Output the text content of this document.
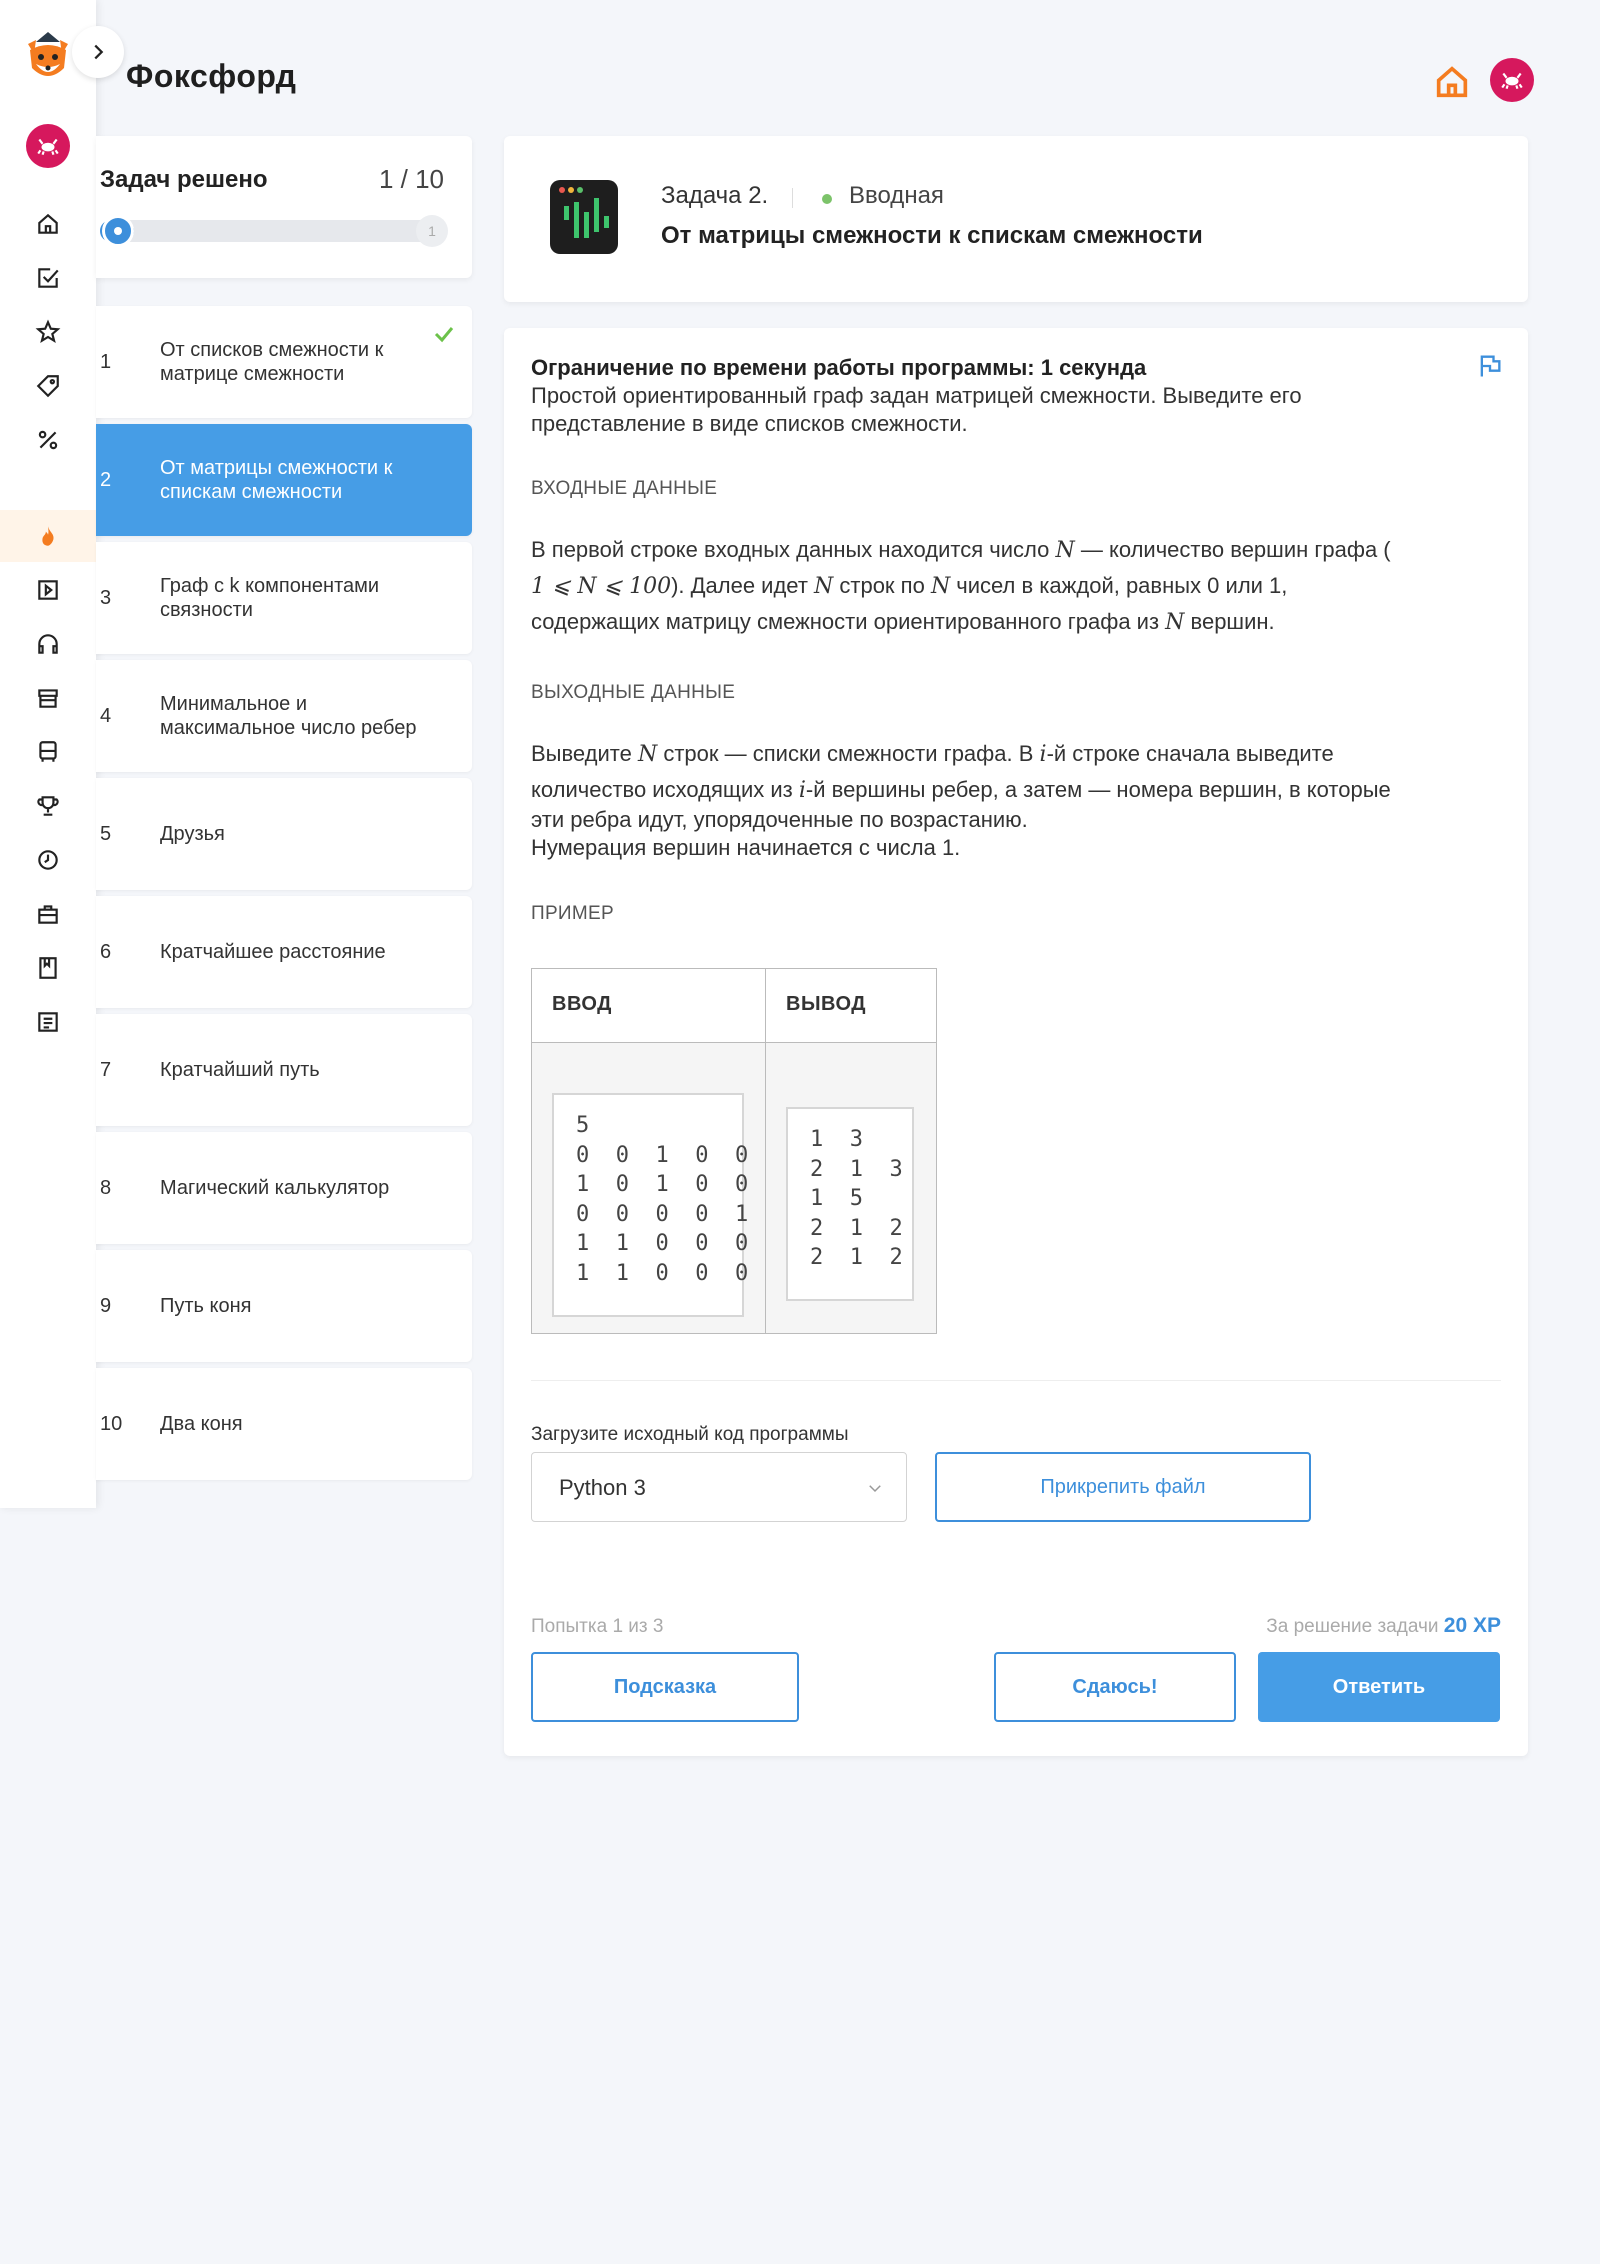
Фоксфорд
Задач решено	1 / 10
1
1
От списков смежности к матрице смежности
2
От матрицы смежности к спискам смежности
3
Граф с k компонентами связности
4
Минимальное и максимальное число ребер
5 Друзья
6 Кратчайшее расстояние
7 Кратчайший путь
8 Магический калькулятор
9 Путь коня
10 Два коня
Задача 2.	Вводная
От матрицы смежности к спискам смежности
Ограничение по времени работы программы: 1 секунда
Простой ориентированный граф задан матрицей смежности. Выведите его представление в виде списков смежности.
ВХОДНЫЕ ДАННЫЕ
В первой строке входных данных находится число N — количество вершин графа (
1 ⩽ N ⩽ 100). Далее идет N строк по N чисел в каждой, равных 0 или 1,
содержащих матрицу смежности ориентированного графа из N вершин.
ВЫХОДНЫЕ ДАННЫЕ
Выведите N строк — списки смежности графа. В i-й строке сначала выведите
количество исходящих из i-й вершины ребер, а затем — номера вершин, в которые
эти ребра идут, упорядоченные по возрастанию.
Нумерация вершин начинается с числа 1.
ПРИМЕР
ВВОД	ВЫВОД
5
0  0  1  0  0
1  0  1  0  0
0  0  0  0  1
1  1  0  0  0
1  1  0  0  0
1  3
2  1  3
1  5
2  1  2
2  1  2
Загрузите исходный код программы
Python 3	Прикрепить файл
Попытка 1 из 3	За решение задачи 20 XP
Подсказка	Сдаюсь!	Ответить
